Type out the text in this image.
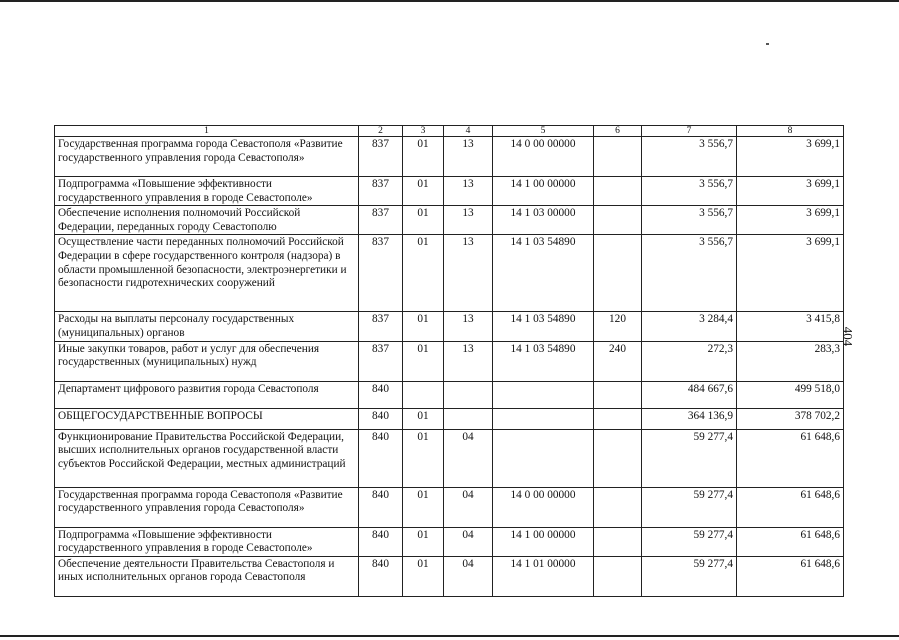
404
1	2	3	4	5	6	7	8
Государственная программа города Севастополя «Развитие государственного управления города Севастополя»	837	01	13	14 0 00 00000		3 556,7	3 699,1
Подпрограмма «Повышение эффективности государственного управления в городе Севастополе»	837	01	13	14 1 00 00000		3 556,7	3 699,1
Обеспечение исполнения полномочий Российской Федерации, переданных городу Севастополю	837	01	13	14 1 03 00000		3 556,7	3 699,1
Осуществление части переданных полномочий Российской Федерации в сфере государственного контроля (надзора) в области промышленной безопасности, электроэнергетики и безопасности гидротехнических сооружений	837	01	13	14 1 03 54890		3 556,7	3 699,1
Расходы на выплаты персоналу государственных (муниципальных) органов	837	01	13	14 1 03 54890	120	3 284,4	3 415,8
Иные закупки товаров, работ и услуг для обеспечения государственных (муниципальных) нужд	837	01	13	14 1 03 54890	240	272,3	283,3
Департамент цифрового развития города Севастополя	840					484 667,6	499 518,0
ОБЩЕГОСУДАРСТВЕННЫЕ ВОПРОСЫ	840	01				364 136,9	378 702,2
Функционирование Правительства Российской Федерации, высших исполнительных органов государственной власти субъектов Российской Федерации, местных администраций	840	01	04			59 277,4	61 648,6
Государственная программа города Севастополя «Развитие государственного управления города Севастополя»	840	01	04	14 0 00 00000		59 277,4	61 648,6
Подпрограмма «Повышение эффективности государственного управления в городе Севастополе»	840	01	04	14 1 00 00000		59 277,4	61 648,6
Обеспечение деятельности Правительства Севастополя и иных исполнительных органов города Севастополя	840	01	04	14 1 01 00000		59 277,4	61 648,6
